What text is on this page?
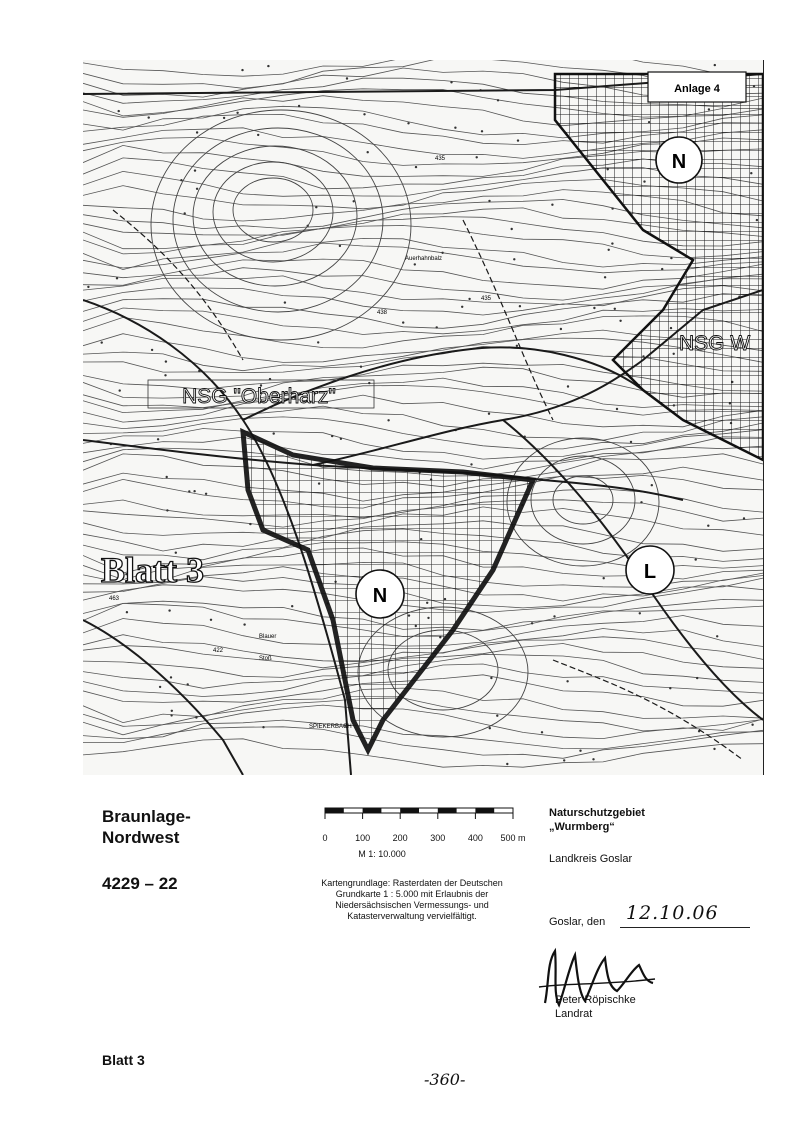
Anlage 4
NSG "Oberharz"
NSG W
N
N
L
Blatt 3
Auerhahnbalz
Blauer
Stoß
SPIEKERBACH
435
438
435
463
422
Braunlage-
Nordwest
4229 – 22
0	100	200	300	400 500 m
M 1: 10.000
Kartengrundlage: Rasterdaten der Deutschen
Grundkarte 1 : 5.000 mit Erlaubnis der
Niedersächsischen Vermessungs- und
Katasterverwaltung vervielfältigt.
Naturschutzgebiet
„Wurmberg“
Landkreis Goslar
Goslar, den 12.10.06
Peter Röpischke
Landrat
Blatt 3
-360-
